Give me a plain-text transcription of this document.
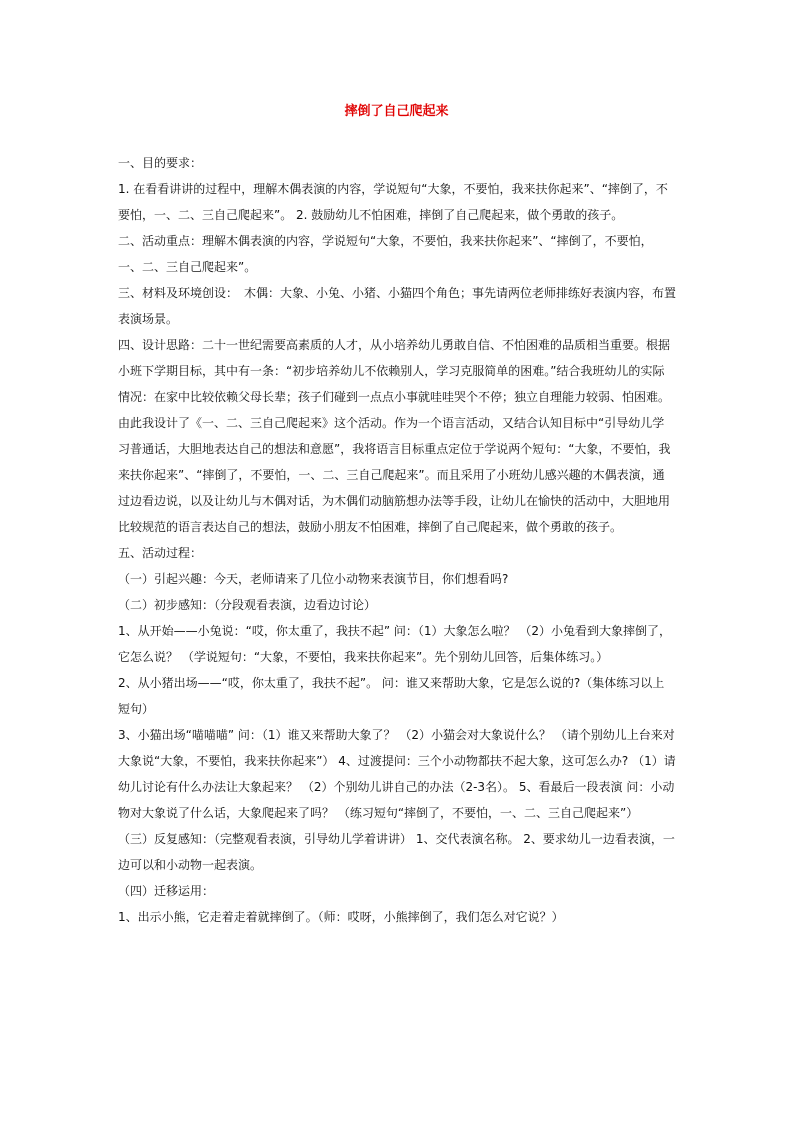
摔倒了自己爬起来

一、目的要求：

1. 在看看讲讲的过程中，理解木偶表演的内容，学说短句“大象，不要怕，我来扶你起来”、“摔倒了，不要怕，一、二、三自己爬起来”。 2. 鼓励幼儿不怕困难，摔倒了自己爬起来，做个勇敢的孩子。

二、活动重点：理解木偶表演的内容，学说短句“大象，不要怕，我来扶你起来”、“摔倒了，不要怕，一、二、三自己爬起来”。

三、材料及环境创设：　木偶：大象、小兔、小猪、小猫四个角色；事先请两位老师排练好表演内容，布置表演场景。

四、设计思路：二十一世纪需要高素质的人才，从小培养幼儿勇敢自信、不怕困难的品质相当重要。根据小班下学期目标，其中有一条：“初步培养幼儿不依赖别人，学习克服简单的困难。”结合我班幼儿的实际情况：在家中比较依赖父母长辈；孩子们碰到一点点小事就哇哇哭个不停；独立自理能力较弱、怕困难。由此我设计了《一、二、三自己爬起来》这个活动。作为一个语言活动，又结合认知目标中“引导幼儿学习普通话，大胆地表达自己的想法和意愿”，我将语言目标重点定位于学说两个短句：“大象，不要怕，我来扶你起来”、“摔倒了，不要怕，一、二、三自己爬起来”。而且采用了小班幼儿感兴趣的木偶表演，通过边看边说，以及让幼儿与木偶对话，为木偶们动脑筋想办法等手段，让幼儿在愉快的活动中，大胆地用比较规范的语言表达自己的想法，鼓励小朋友不怕困难，摔倒了自己爬起来，做个勇敢的孩子。

五、活动过程：

（一）引起兴趣：今天，老师请来了几位小动物来表演节目，你们想看吗?

（二）初步感知：（分段观看表演，边看边讨论）

1、从开始——小兔说：“哎，你太重了，我扶不起” 问：（1）大象怎么啦？ （2）小兔看到大象摔倒了，它怎么说？ （学说短句：“大象，不要怕，我来扶你起来”。先个别幼儿回答，后集体练习。）

2、从小猪出场——“哎，你太重了，我扶不起”。 问：谁又来帮助大象，它是怎么说的?（集体练习以上短句）

3、小猫出场“喵喵喵” 问：（1）谁又来帮助大象了？ （2）小猫会对大象说什么？ （请个别幼儿上台来对大象说“大象，不要怕，我来扶你起来”） 4、过渡提问：三个小动物都扶不起大象，这可怎么办? （1）请幼儿讨论有什么办法让大象起来？ （2）个别幼儿讲自己的办法（2-3名）。 5、看最后一段表演 问：小动物对大象说了什么话，大象爬起来了吗？ （练习短句“摔倒了，不要怕，一、二、三自己爬起来”）

（三）反复感知：（完整观看表演，引导幼儿学着讲讲） 1、交代表演名称。 2、要求幼儿一边看表演，一边可以和小动物一起表演。

（四）迁移运用：

1、出示小熊，它走着走着就摔倒了。（师：哎呀，小熊摔倒了，我们怎么对它说？）
